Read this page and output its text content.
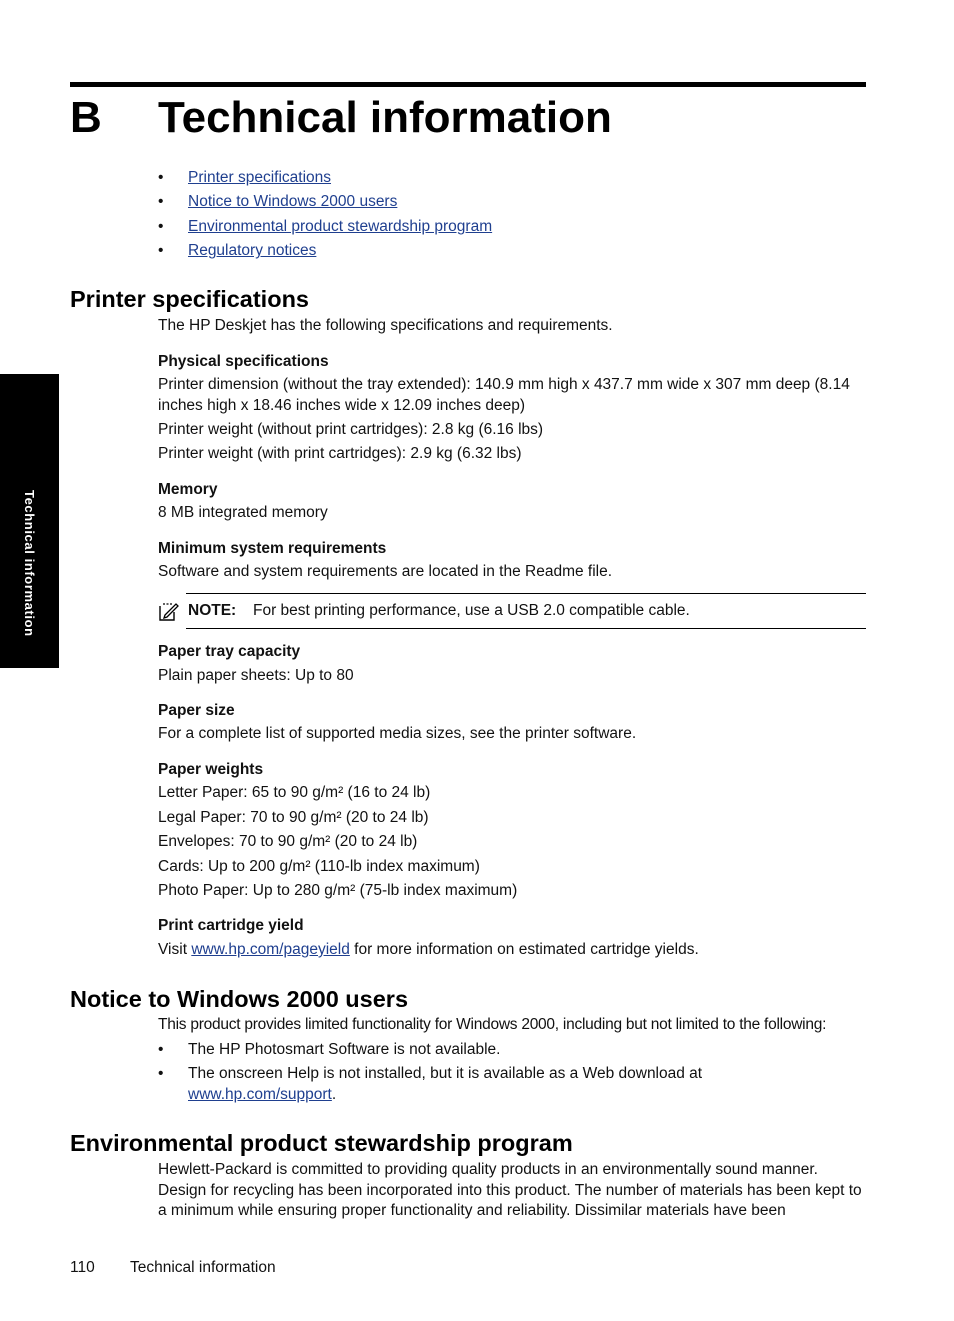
B Technical information
• Printer specifications
• Notice to Windows 2000 users
• Environmental product stewardship program
• Regulatory notices
Technical information
Printer specifications

The HP Deskjet has the following specifications and requirements.

Physical specifications

Printer dimension (without the tray extended): 140.9 mm high x 437.7 mm wide x 307 mm deep (8.14 inches high x 18.46 inches wide x 12.09 inches deep)

Printer weight (without print cartridges): 2.8 kg (6.16 lbs)

Printer weight (with print cartridges): 2.9 kg (6.32 lbs)

Memory

8 MB integrated memory

Minimum system requirements

Software and system requirements are located in the Readme file.

NOTE: For best printing performance, use a USB 2.0 compatible cable.

Paper tray capacity

Plain paper sheets: Up to 80

Paper size

For a complete list of supported media sizes, see the printer software.

Paper weights

Letter Paper: 65 to 90 g/m² (16 to 24 lb)

Legal Paper: 70 to 90 g/m² (20 to 24 lb)

Envelopes: 70 to 90 g/m² (20 to 24 lb)

Cards: Up to 200 g/m² (110-lb index maximum)

Photo Paper: Up to 280 g/m² (75-lb index maximum)

Print cartridge yield

Visit www.hp.com/pageyield for more information on estimated cartridge yields.

Notice to Windows 2000 users

This product provides limited functionality for Windows 2000, including but not limited to the following:

• The HP Photosmart Software is not available.
• The onscreen Help is not installed, but it is available as a Web download at www.hp.com/support.
Environmental product stewardship program

Hewlett-Packard is committed to providing quality products in an environmentally sound manner. Design for recycling has been incorporated into this product. The number of materials has been kept to a minimum while ensuring proper functionality and reliability. Dissimilar materials have been

110 Technical information
